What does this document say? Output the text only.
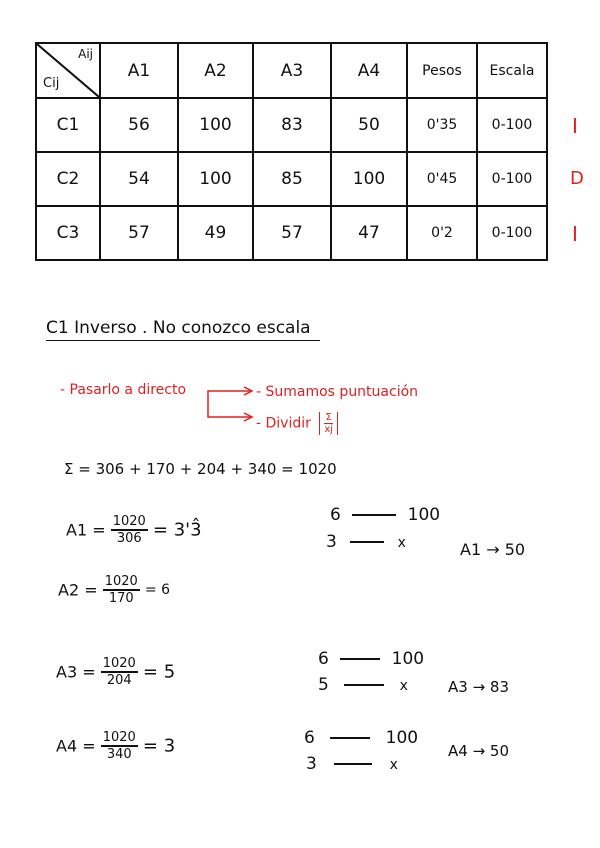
Aij
Cij	A1	A2	A3	A4	Pesos	Escala
C1	56	100	83	50	0'35	0-100
C2	54	100	85	100	0'45	0-100
C3	57	49	57	47	0'2	0-100
I
D
I
C1 Inverso . No conozco escala
- Pasarlo a directo	- Sumamos puntuación
- Dividir $\frac{\Sigma}{xj}$
Σ = 306 + 170 + 204 + 340 = 1020
$A1 = \frac{1020}{306}$ = 3'3̂
$A2 = \frac{1020}{170} = 6$
$A3 = \frac{1020}{204} = 5$
$A4 = \frac{1020}{340} = 3$
6	100
3	x	A1 → 50
6	100
5	x	A3 → 83
6	100
3	x
A4 → 50
